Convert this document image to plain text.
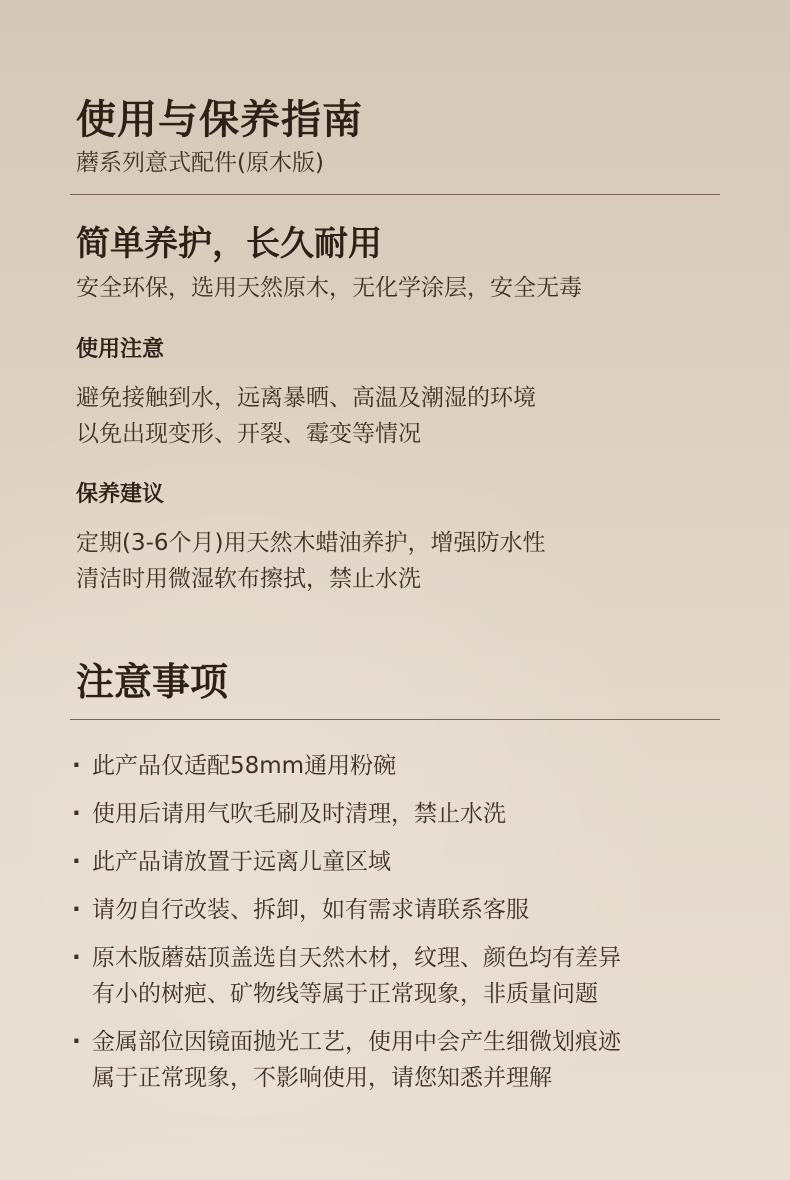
使用与保养指南
蘑系列意式配件(原木版)
简单养护，长久耐用
安全环保，选用天然原木，无化学涂层，安全无毒
使用注意
避免接触到水，远离暴晒、高温及潮湿的环境
以免出现变形、开裂、霉变等情况
保养建议
定期(3-6个月)用天然木蜡油养护，增强防水性
清洁时用微湿软布擦拭，禁止水洗
注意事项
· 此产品仅适配58mm通用粉碗
· 使用后请用气吹毛刷及时清理，禁止水洗
· 此产品请放置于远离儿童区域
· 请勿自行改装、拆卸，如有需求请联系客服
· 原木版蘑菇顶盖选自天然木材，纹理、颜色均有差异
有小的树疤、矿物线等属于正常现象，非质量问题
· 金属部位因镜面抛光工艺，使用中会产生细微划痕迹
属于正常现象，不影响使用，请您知悉并理解
